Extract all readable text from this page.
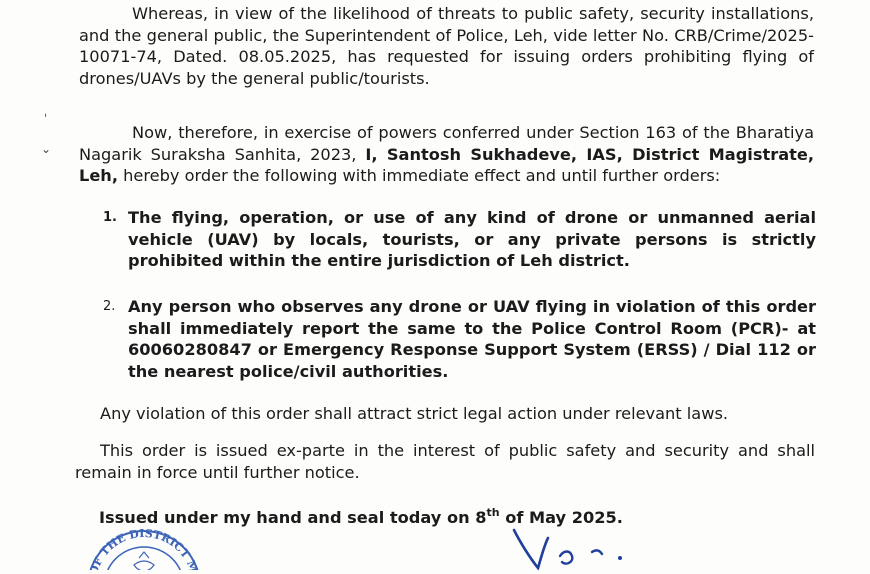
Whereas, in view of the likelihood of threats to public safety, security installations, and the general public, the Superintendent of Police, Leh, vide letter No. CRB/Crime/2025-10071-74, Dated. 08.05.2025, has requested for issuing orders prohibiting flying of drones/UAVs by the general public/tourists.

ˌ
⌄

Now, therefore, in exercise of powers conferred under Section 163 of the Bharatiya Nagarik Suraksha Sanhita, 2023, I, Santosh Sukhadeve, IAS, District Magistrate, Leh, hereby order the following with immediate effect and until further orders:

1. The flying, operation, or use of any kind of drone or unmanned aerial vehicle (UAV) by locals, tourists, or any private persons is strictly prohibited within the entire jurisdiction of Leh district.
2. Any person who observes any drone or UAV flying in violation of this order shall immediately report the same to the Police Control Room (PCR)- at 60060280847 or Emergency Response Support System (ERSS) / Dial 112 or the nearest police/civil authorities.

Any violation of this order shall attract strict legal action under relevant laws.

This order is issued ex-parte in the interest of public safety and security and shall remain in force until further notice.

Issued under my hand and seal today on 8th of May 2025.

F THE DISTRICT M
